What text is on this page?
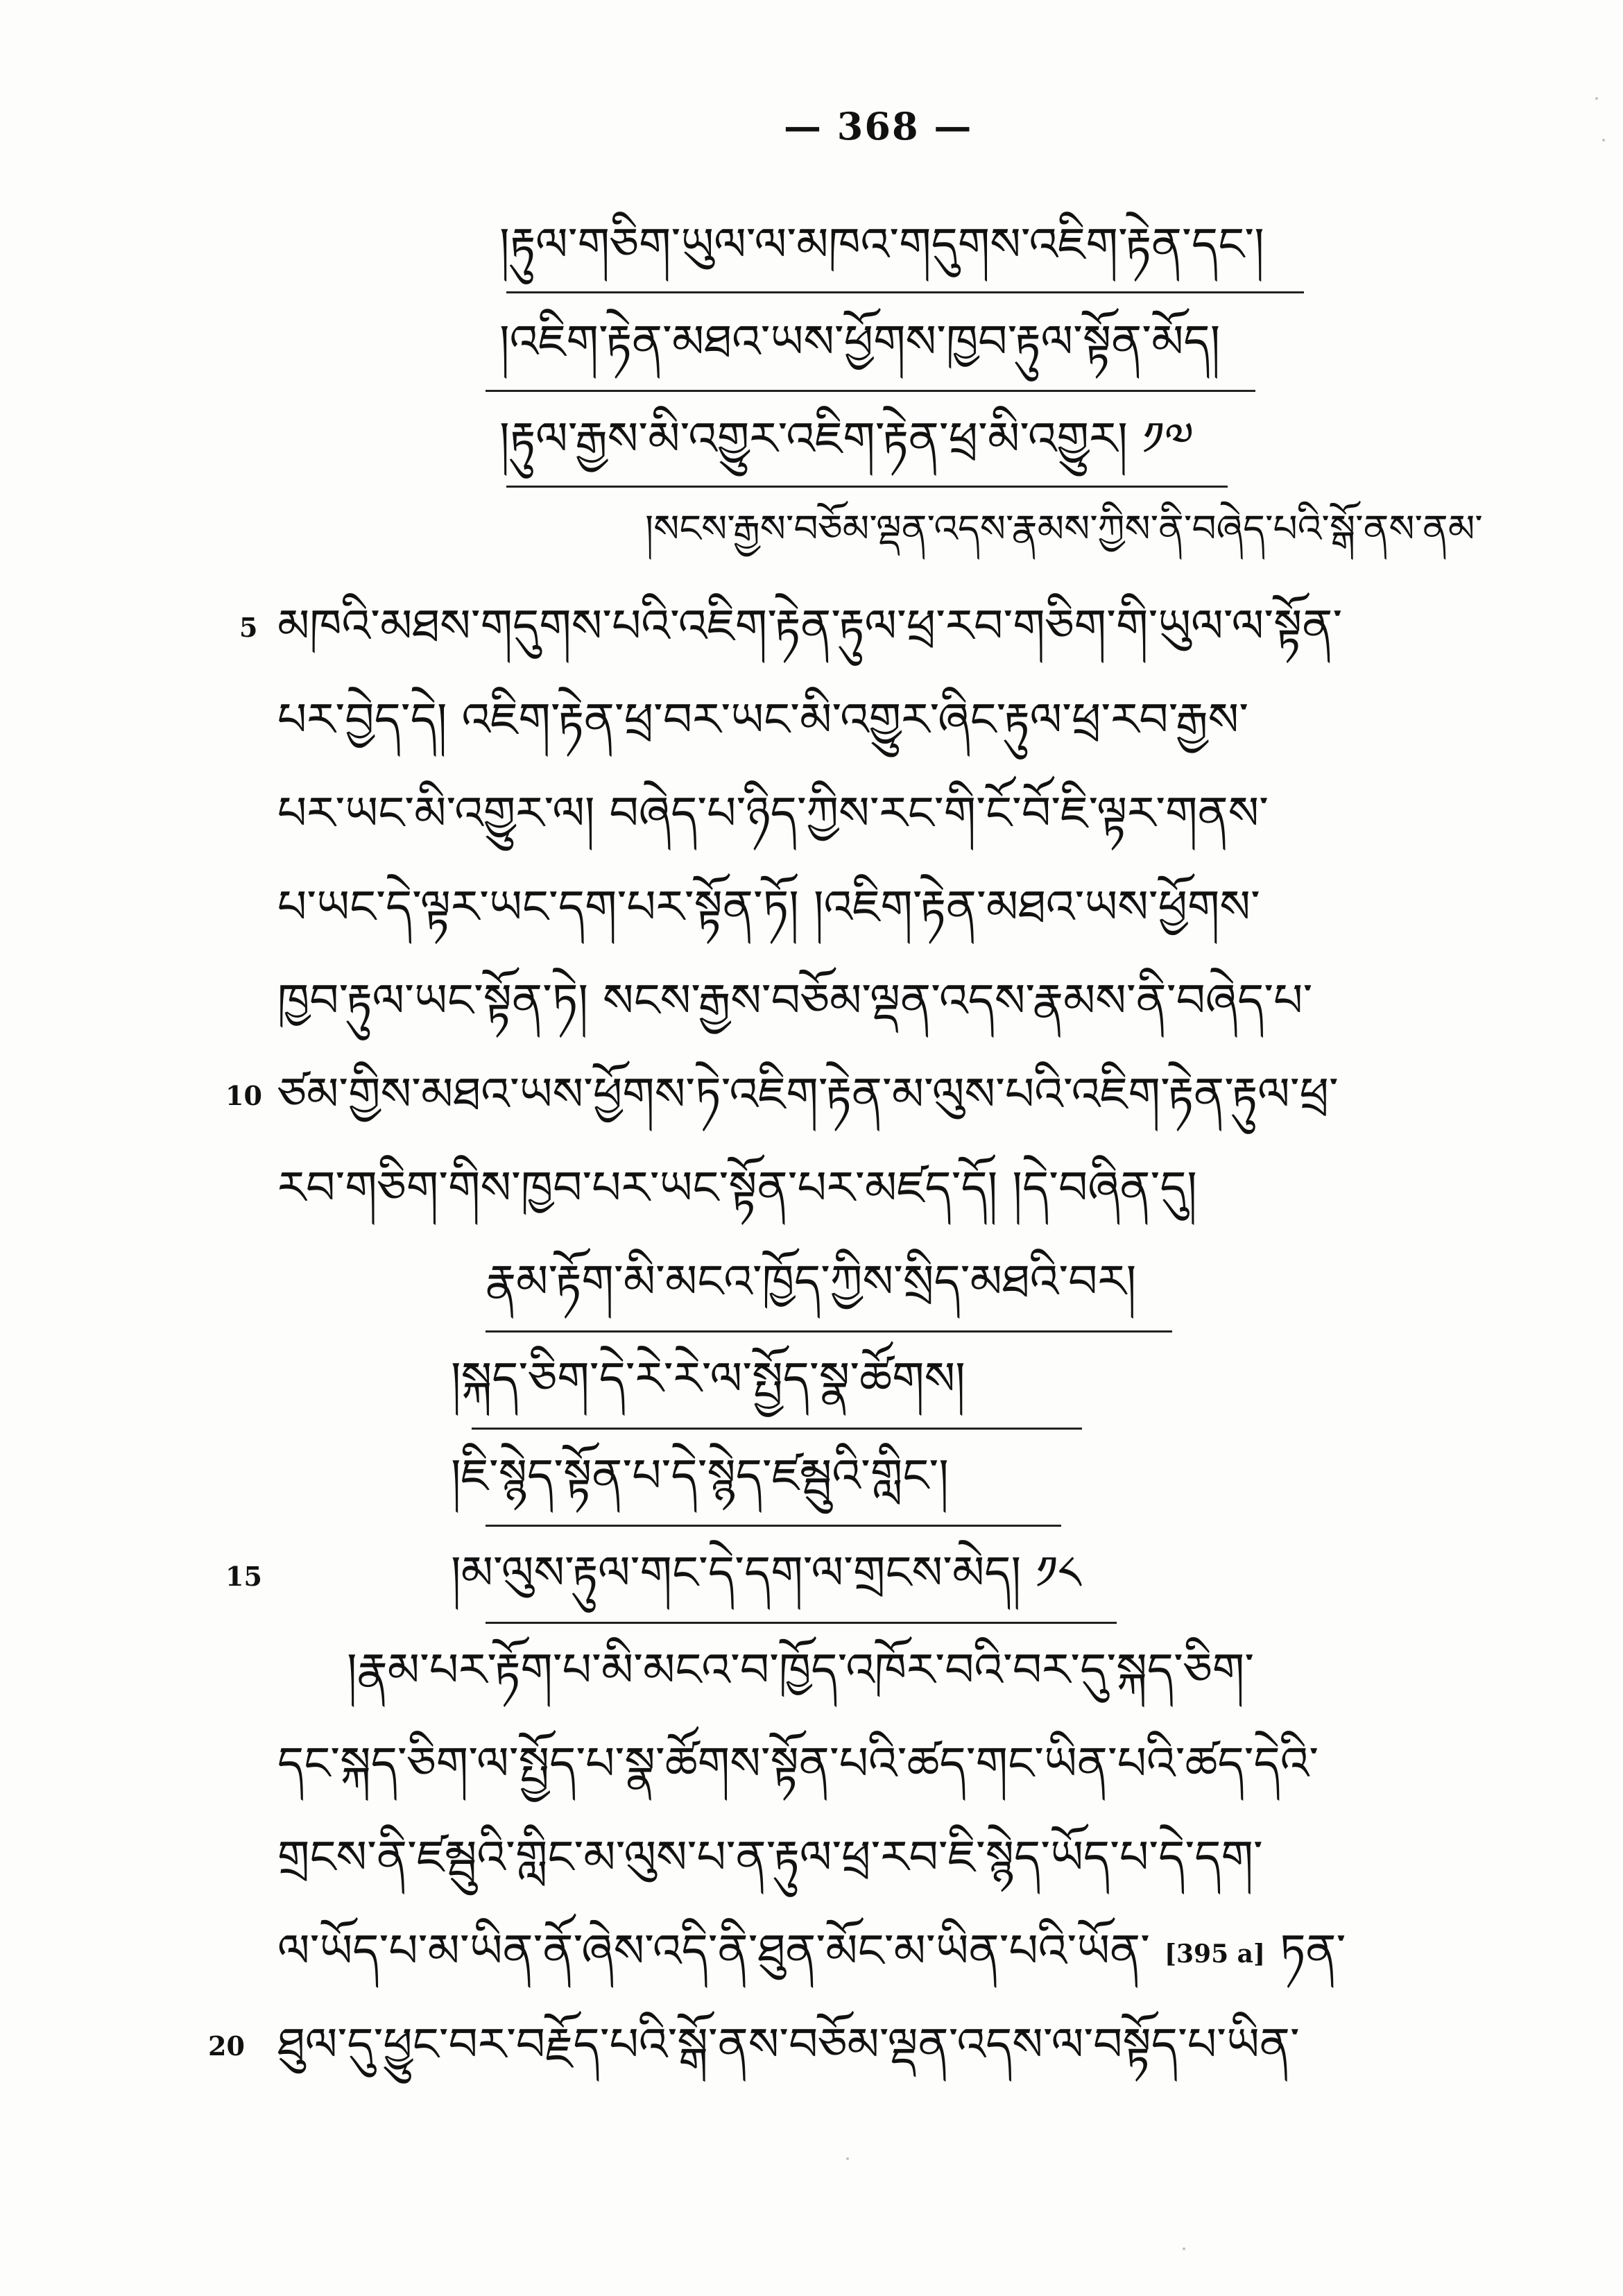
— 368 —
།རྟུལ་གཅིག་ཡུལ་ལ་མཁའ་གདུགས་འཇིག་རྟེན་དང་།
།འཇིག་རྟེན་མཐའ་ཡས་ཕྱོགས་ཁྱབ་རྟུལ་སྟོན་མོད།
།རྟུལ་རྒྱས་མི་འགྱུར་འཇིག་རྟེན་ཕྲ་མི་འགྱུར། ༡༧
།སངས་རྒྱས་བཅོམ་ལྡན་འདས་རྣམས་ཀྱིས་ནི་བཞེད་པའི་སྒོ་ནས་ནམ་
5 མཁའི་མཐས་གདུགས་པའི་འཇིག་རྟེན་རྟུལ་ཕྲ་རབ་གཅིག་གི་ཡུལ་ལ་སྟོན་
པར་བྱེད་དེ། འཇིག་རྟེན་ཕྲ་བར་ཡང་མི་འགྱུར་ཞིང་རྟུལ་ཕྲ་རབ་རྒྱས་
པར་ཡང་མི་འགྱུར་ལ། བཞེད་པ་ཉིད་ཀྱིས་རང་གི་ངོ་བོ་ཇི་ལྟར་གནས་
པ་ཡང་དེ་ལྟར་ཡང་དག་པར་སྟོན་ཏོ། །འཇིག་རྟེན་མཐའ་ཡས་ཕྱོགས་
ཁྱབ་རྟུལ་ཡང་སྟོན་ཏེ། སངས་རྒྱས་བཅོམ་ལྡན་འདས་རྣམས་ནི་བཞེད་པ་
10 ཙམ་གྱིས་མཐའ་ཡས་ཕྱོགས་ཏེ་འཇིག་རྟེན་མ་ལུས་པའི་འཇིག་རྟེན་རྟུལ་ཕྲ་
རབ་གཅིག་གིས་ཁྱབ་པར་ཡང་སྟོན་པར་མཛད་དོ། །དེ་བཞིན་དུ།
རྣམ་རྟོག་མི་མངའ་ཁྱོད་ཀྱིས་སྲིད་མཐའི་བར།
།སྐད་ཅིག་དེ་རེ་རེ་ལ་སྤྱོད་སྣ་ཚོགས།
།ཇི་སྙེད་སྟོན་པ་དེ་སྙེད་ཛམྦུའི་གླིང་།
15	།མ་ལུས་རྟུལ་གང་དེ་དག་ལ་གྲངས་མེད། ༡༨
།རྣམ་པར་རྟོག་པ་མི་མངའ་བ་ཁྱོད་འཁོར་བའི་བར་དུ་སྐད་ཅིག་
དང་སྐད་ཅིག་ལ་སྤྱོད་པ་སྣ་ཚོགས་སྟོན་པའི་ཚད་གང་ཡིན་པའི་ཚད་དེའི་
གྲངས་ནི་ཛམྦུའི་གླིང་མ་ལུས་པ་ན་རྟུལ་ཕྲ་རབ་ཇི་སྙེད་ཡོད་པ་དེ་དག་
ལ་ཡོད་པ་མ་ཡིན་ནོ་ཞེས་འདི་ནི་ཐུན་མོང་མ་ཡིན་པའི་ཡོན་ [395 a] ཏན་
20 ཐུལ་དུ་ཕྱུང་བར་བརྗོད་པའི་སྒོ་ནས་བཅོམ་ལྡན་འདས་ལ་བསྟོད་པ་ཡིན་
